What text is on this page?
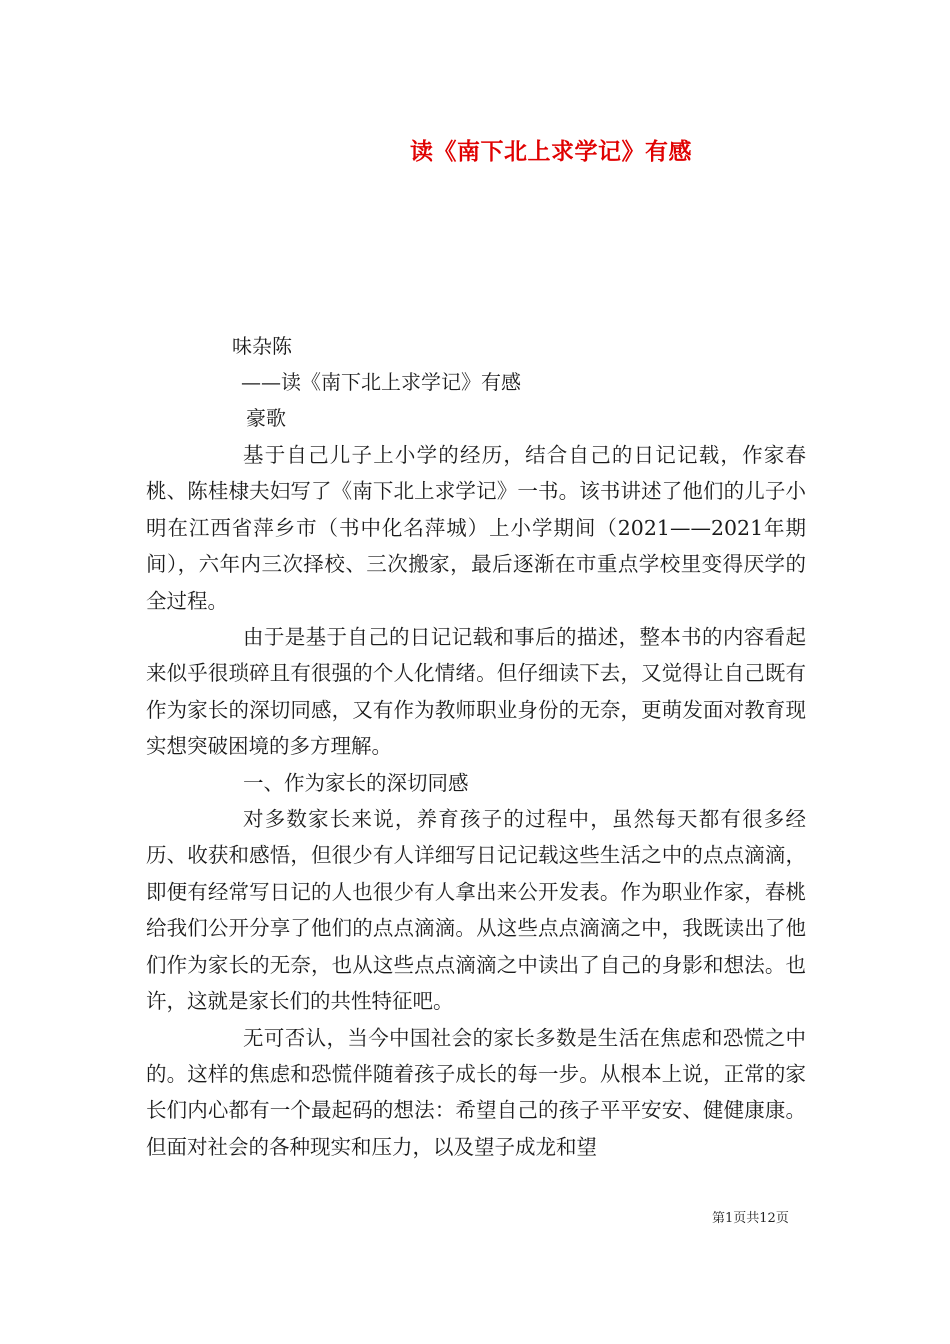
读《南下北上求学记》有感
味杂陈
——读《南下北上求学记》有感
豪歌

基于自己儿子上小学的经历，结合自己的日记记载，作家春桃、陈桂棣夫妇写了《南下北上求学记》一书。该书讲述了他们的儿子小明在江西省萍乡市（书中化名萍城）上小学期间（2021——2021年期间），六年内三次择校、三次搬家，最后逐渐在市重点学校里变得厌学的全过程。

由于是基于自己的日记记载和事后的描述，整本书的内容看起来似乎很琐碎且有很强的个人化情绪。但仔细读下去，又觉得让自己既有作为家长的深切同感，又有作为教师职业身份的无奈，更萌发面对教育现实想突破困境的多方理解。

一、作为家长的深切同感

对多数家长来说，养育孩子的过程中，虽然每天都有很多经历、收获和感悟，但很少有人详细写日记记载这些生活之中的点点滴滴，即便有经常写日记的人也很少有人拿出来公开发表。作为职业作家，春桃给我们公开分享了他们的点点滴滴。从这些点点滴滴之中，我既读出了他们作为家长的无奈，也从这些点点滴滴之中读出了自己的身影和想法。也许，这就是家长们的共性特征吧。

无可否认，当今中国社会的家长多数是生活在焦虑和恐慌之中的。这样的焦虑和恐慌伴随着孩子成长的每一步。从根本上说，正常的家长们内心都有一个最起码的想法：希望自己的孩子平平安安、健健康康。但面对社会的各种现实和压力，以及望子成龙和望

第1页共12页
